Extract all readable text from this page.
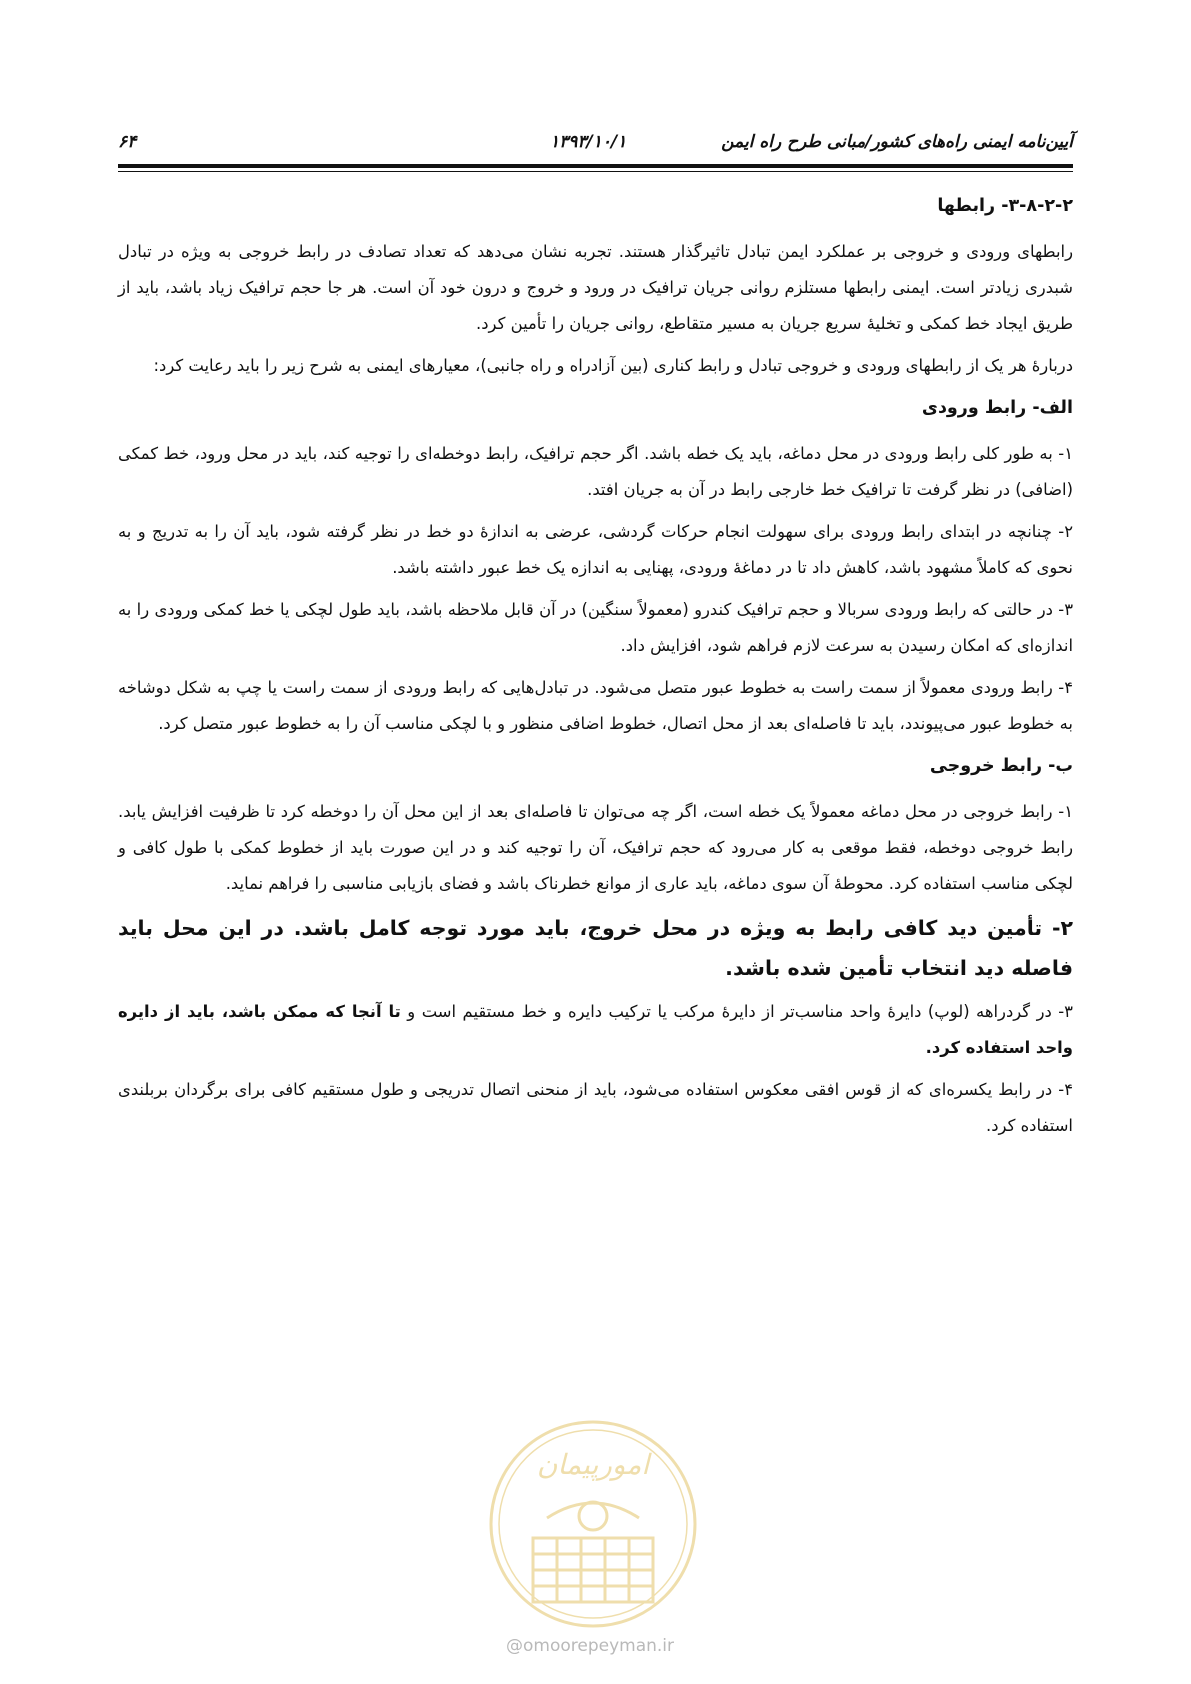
۶۴	۱۳۹۳/۱۰/۱	آیین‌نامه ایمنی راه‌های کشور/مبانی طرح راه ایمن
۳-۸-۲-۲- رابطها

رابطهای ورودی و خروجی بر عملکرد ایمن تبادل تاثیرگذار هستند. تجربه نشان می‌دهد که تعداد تصادف در رابط خروجی به ویژه در تبادل شبدری زیادتر است. ایمنی رابطها مستلزم روانی جریان ترافیک در ورود و خروج و درون خود آن است. هر جا حجم ترافیک زیاد باشد، باید از طریق ایجاد خط کمکی و تخلیهٔ سریع جریان به مسیر متقاطع، روانی جریان را تأمین کرد.

دربارهٔ هر یک از رابطهای ورودی و خروجی تبادل و رابط کناری (بین آزادراه و راه جانبی)، معیارهای ایمنی به شرح زیر را باید رعایت کرد:

الف- رابط ورودی

۱- به طور کلی رابط ورودی در محل دماغه، باید یک خطه باشد. اگر حجم ترافیک، رابط دوخطه‌ای را توجیه کند، باید در محل ورود، خط کمکی (اضافی) در نظر گرفت تا ترافیک خط خارجی رابط در آن به جریان افتد.

۲- چنانچه در ابتدای رابط ورودی برای سهولت انجام حرکات گردشی، عرضی به اندازهٔ دو خط در نظر گرفته شود، باید آن را به تدریج و به نحوی که کاملاً مشهود باشد، کاهش داد تا در دماغهٔ ورودی، پهنایی به اندازه یک خط عبور داشته باشد.

۳- در حالتی که رابط ورودی سربالا و حجم ترافیک کندرو (معمولاً سنگین) در آن قابل ملاحظه باشد، باید طول لچکی یا خط کمکی ورودی را به اندازه‌ای که امکان رسیدن به سرعت لازم فراهم شود، افزایش داد.

۴- رابط ورودی معمولاً از سمت راست به خطوط عبور متصل می‌شود. در تبادل‌هایی که رابط ورودی از سمت راست یا چپ به شکل دوشاخه به خطوط عبور می‌پیوندد، باید تا فاصله‌ای بعد از محل اتصال، خطوط اضافی منظور و با لچکی مناسب آن را به خطوط عبور متصل کرد.

ب- رابط خروجی

۱- رابط خروجی در محل دماغه معمولاً یک خطه است، اگر چه می‌توان تا فاصله‌ای بعد از این محل آن را دوخطه کرد تا ظرفیت افزایش یابد. رابط خروجی دوخطه، فقط موقعی به کار می‌رود که حجم ترافیک، آن را توجیه کند و در این صورت باید از خطوط کمکی با طول کافی و لچکی مناسب استفاده کرد. محوطهٔ آن سوی دماغه، باید عاری از موانع خطرناک باشد و فضای بازیابی مناسبی را فراهم نماید.

۲- تأمین دید کافی رابط به ویژه در محل خروج، باید مورد توجه کامل باشد. در این محل باید فاصله دید انتخاب تأمین شده باشد.

۳- در گردراهه (لوپ) دایرهٔ واحد مناسب‌تر از دایرهٔ مرکب یا ترکیب دایره و خط مستقیم است و تا آنجا که ممکن باشد، باید از دایره واحد استفاده کرد.

۴- در رابط یکسره‌ای که از قوس افقی معکوس استفاده می‌شود، باید از منحنی اتصال تدریجی و طول مستقیم کافی برای برگردان بربلندی استفاده کرد.

امورپیمان
@omoorepeyman.ir
